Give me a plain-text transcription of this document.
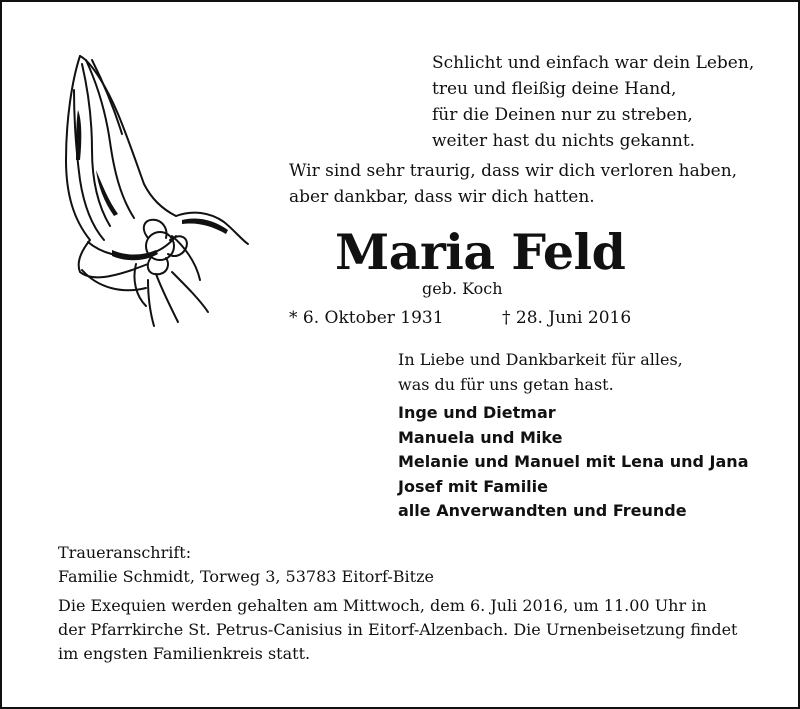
Schlicht und einfach war dein Leben,
treu und fleißig deine Hand,
für die Deinen nur zu streben,
weiter hast du nichts gekannt.
Wir sind sehr traurig, dass wir dich verloren haben,
aber dankbar, dass wir dich hatten.
Maria Feld
geb. Koch
* 6. Oktober 1931	† 28. Juni 2016
In Liebe und Dankbarkeit für alles,
was du für uns getan hast.
Inge und Dietmar
Manuela und Mike
Melanie und Manuel mit Lena und Jana
Josef mit Familie
alle Anverwandten und Freunde
Traueranschrift:
Familie Schmidt, Torweg 3, 53783 Eitorf-Bitze
Die Exequien werden gehalten am Mittwoch, dem 6. Juli 2016, um 11.00 Uhr in
der Pfarrkirche St. Petrus-Canisius in Eitorf-Alzenbach. Die Urnenbeisetzung findet
im engsten Familienkreis statt.
